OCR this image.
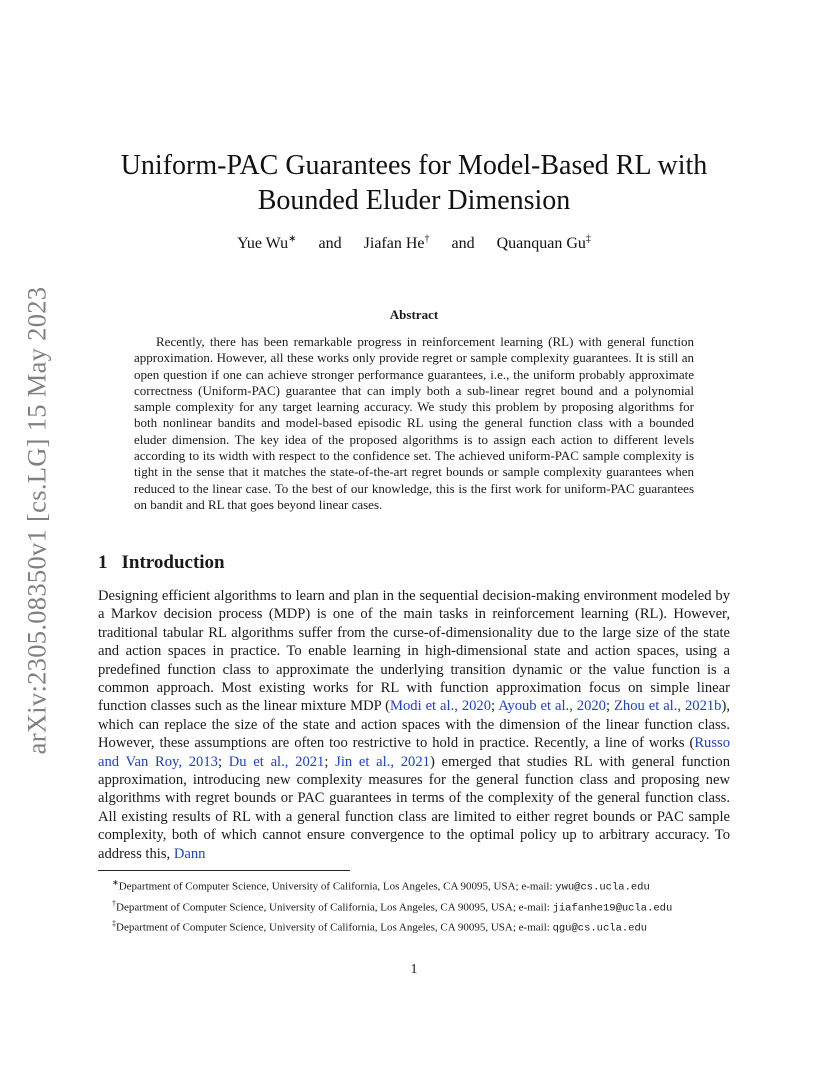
arXiv:2305.08350v1 [cs.LG] 15 May 2023
Uniform-PAC Guarantees for Model-Based RL with
Bounded Eluder Dimension
Yue Wu∗ and Jiafan He† and Quanquan Gu‡
Abstract

Recently, there has been remarkable progress in reinforcement learning (RL) with general function approximation. However, all these works only provide regret or sample complexity guarantees. It is still an open question if one can achieve stronger performance guarantees, i.e., the uniform probably approximate correctness (Uniform-PAC) guarantee that can imply both a sub-linear regret bound and a polynomial sample complexity for any target learning accuracy. We study this problem by proposing algorithms for both nonlinear bandits and model-based episodic RL using the general function class with a bounded eluder dimension. The key idea of the proposed algorithms is to assign each action to different levels according to its width with respect to the confidence set. The achieved uniform-PAC sample complexity is tight in the sense that it matches the state-of-the-art regret bounds or sample complexity guarantees when reduced to the linear case. To the best of our knowledge, this is the first work for uniform-PAC guarantees on bandit and RL that goes beyond linear cases.

1 Introduction

Designing efficient algorithms to learn and plan in the sequential decision-making environment modeled by a Markov decision process (MDP) is one of the main tasks in reinforcement learning (RL). However, traditional tabular RL algorithms suffer from the curse-of-dimensionality due to the large size of the state and action spaces in practice. To enable learning in high-dimensional state and action spaces, using a predefined function class to approximate the underlying transition dynamic or the value function is a common approach. Most existing works for RL with function approximation focus on simple linear function classes such as the linear mixture MDP (Modi et al., 2020; Ayoub et al., 2020; Zhou et al., 2021b), which can replace the size of the state and action spaces with the dimension of the linear function class. However, these assumptions are often too restrictive to hold in practice. Recently, a line of works (Russo and Van Roy, 2013; Du et al., 2021; Jin et al., 2021) emerged that studies RL with general function approximation, introducing new complexity measures for the general function class and proposing new algorithms with regret bounds or PAC guarantees in terms of the complexity of the general function class. All existing results of RL with a general function class are limited to either regret bounds or PAC sample complexity, both of which cannot ensure convergence to the optimal policy up to arbitrary accuracy. To address this, Dann

∗Department of Computer Science, University of California, Los Angeles, CA 90095, USA; e-mail: ywu@cs.ucla.edu

†Department of Computer Science, University of California, Los Angeles, CA 90095, USA; e-mail: jiafanhe19@ucla.edu

‡Department of Computer Science, University of California, Los Angeles, CA 90095, USA; e-mail: qgu@cs.ucla.edu

1
